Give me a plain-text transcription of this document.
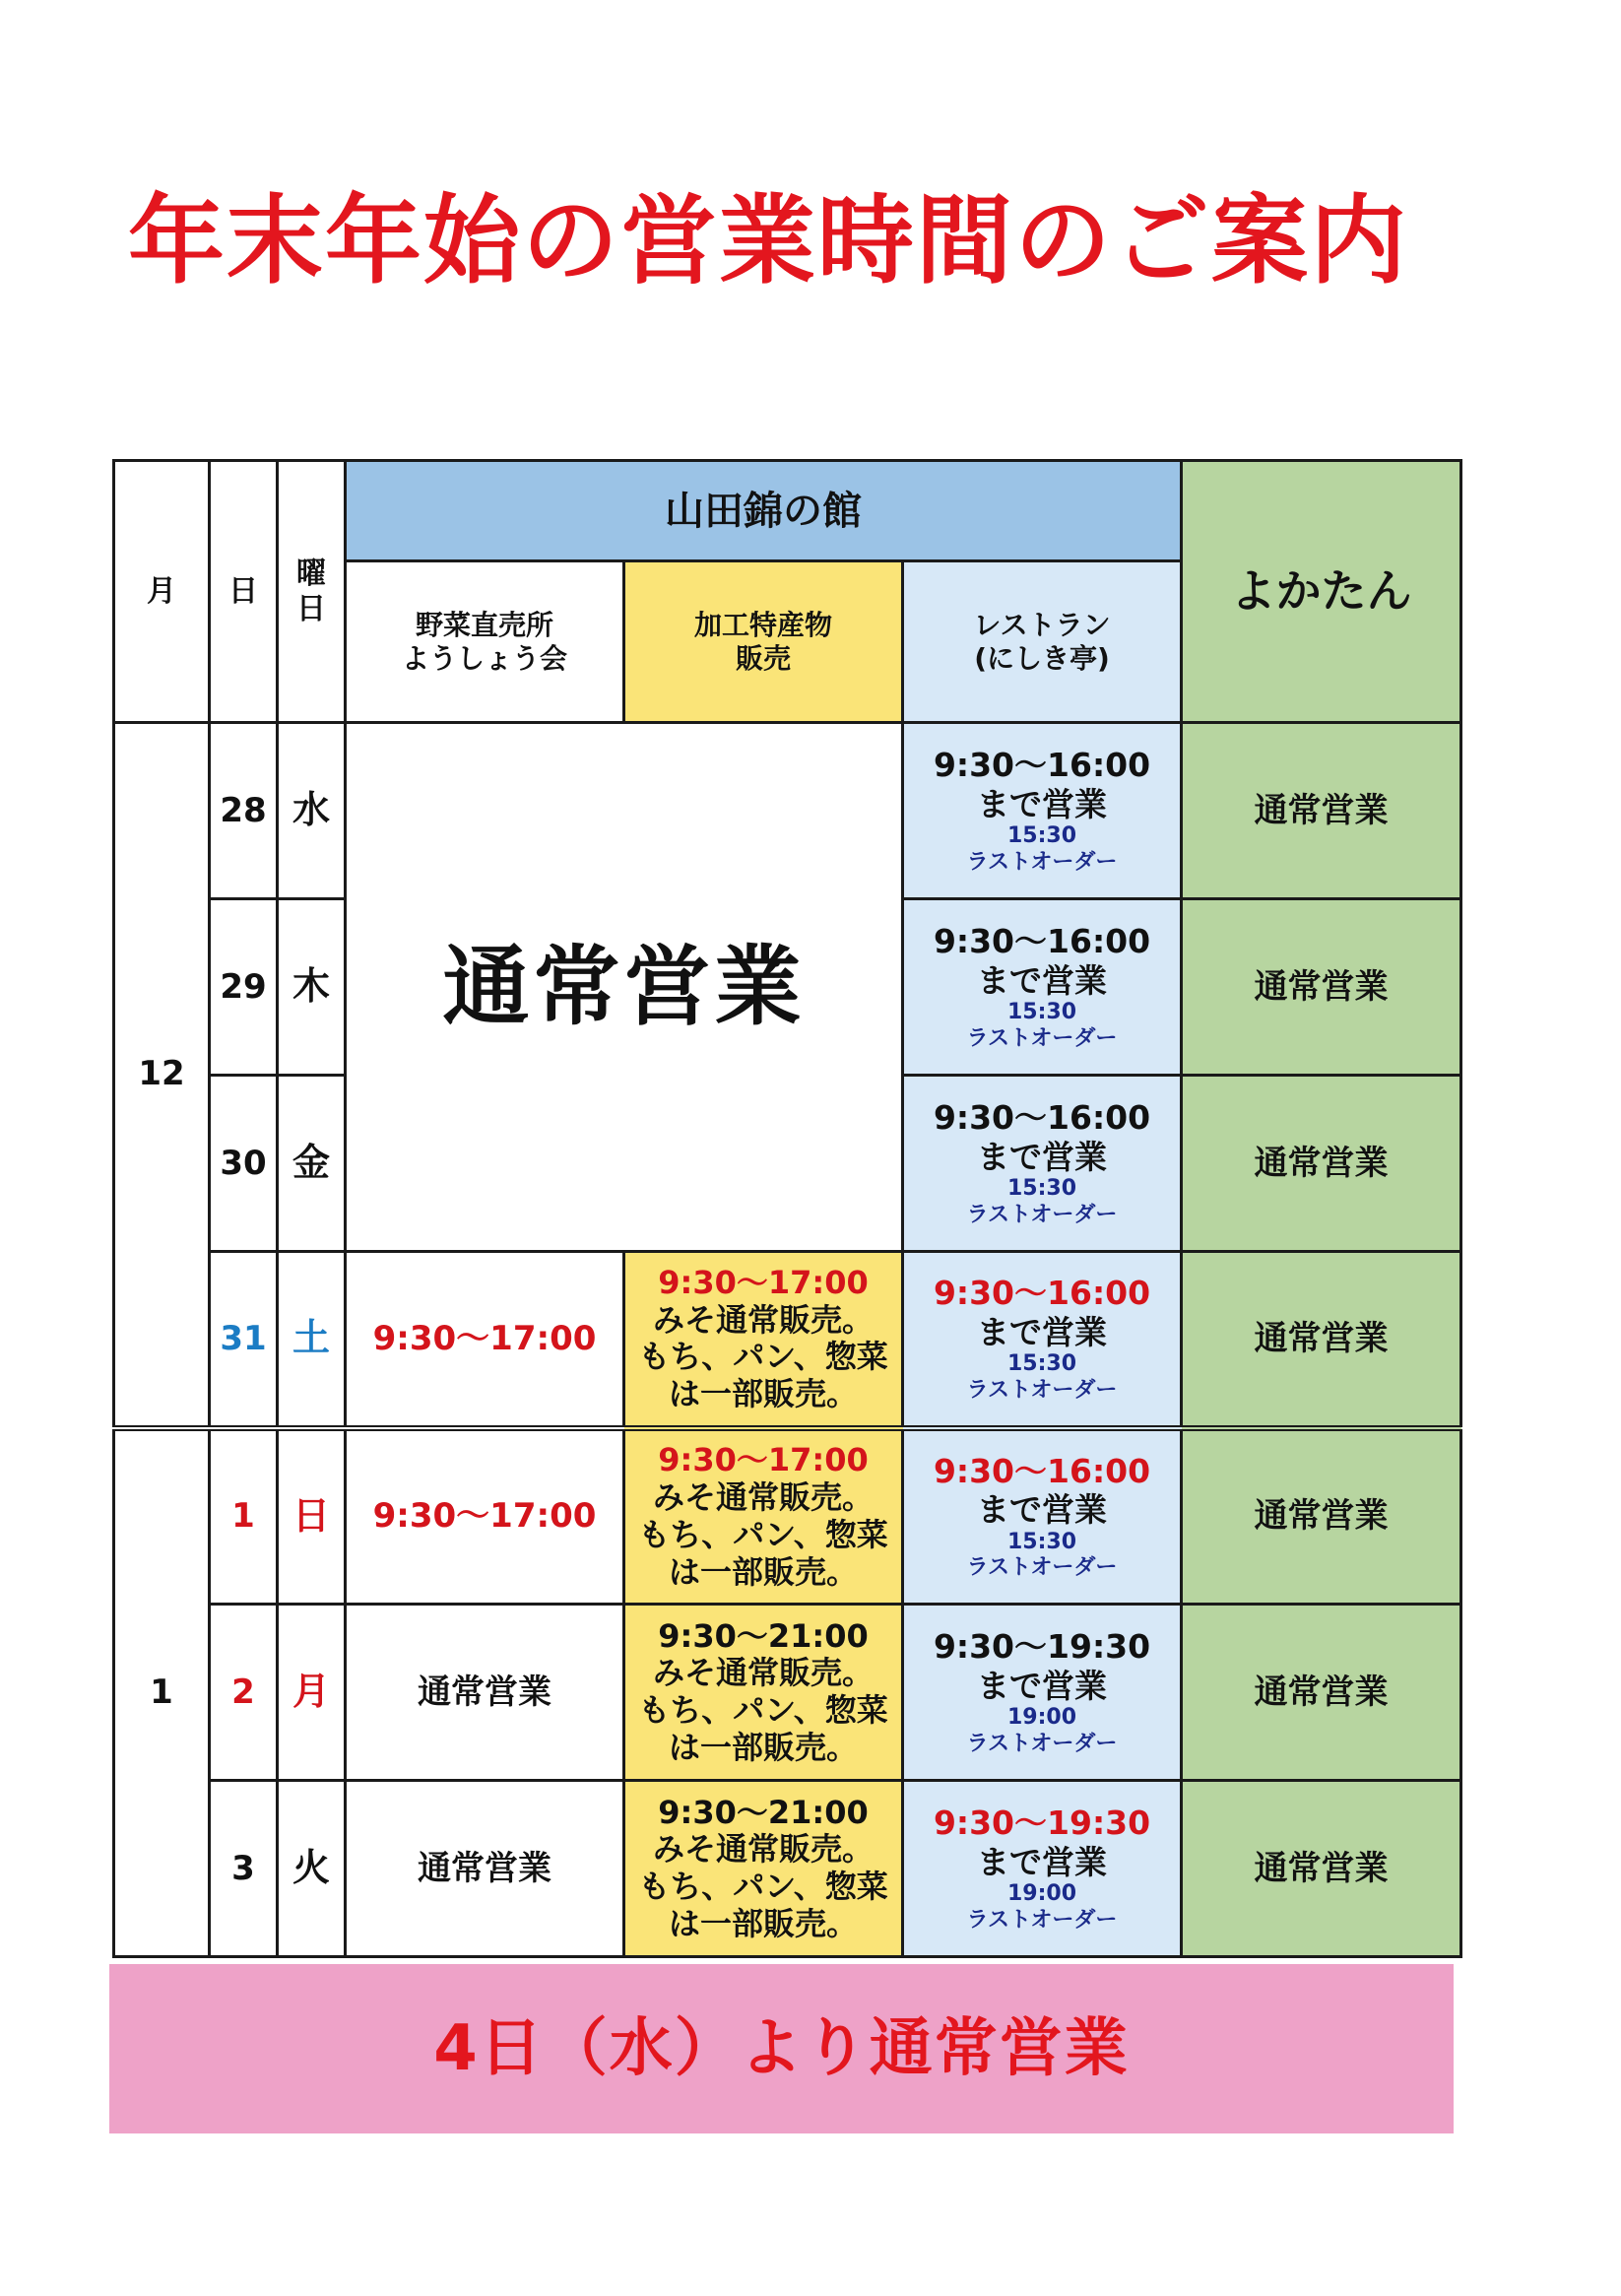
年末年始の営業時間のご案内
月	日	曜日	山田錦の館			よかたん

			野菜直売所
ようしょう会	加工特産物
販売	レストラン
(にしき亭)	

12	28	水	通常営業		9:30～16:00
まで営業
15:30
ラストオーダー	通常営業
	29	木			9:30～16:00
まで営業
15:30
ラストオーダー	通常営業
	30	金			9:30～16:00
まで営業
15:30
ラストオーダー	通常営業
	31	土	9:30～17:00	9:30～17:00
みそ通常販売。
もち、パン、惣菜
は一部販売。	9:30～16:00
まで営業
15:30
ラストオーダー	通常営業
1	1	日	9:30～17:00	9:30～17:00
みそ通常販売。
もち、パン、惣菜
は一部販売。	9:30～16:00
まで営業
15:30
ラストオーダー	通常営業
	2	月	通常営業	9:30～21:00
みそ通常販売。
もち、パン、惣菜
は一部販売。	9:30～19:30
まで営業
19:00
ラストオーダー	通常営業
	3	火	通常営業	9:30～21:00
みそ通常販売。
もち、パン、惣菜
は一部販売。	9:30～19:30
まで営業
19:00
ラストオーダー	通常営業
4日（水）より通常営業
